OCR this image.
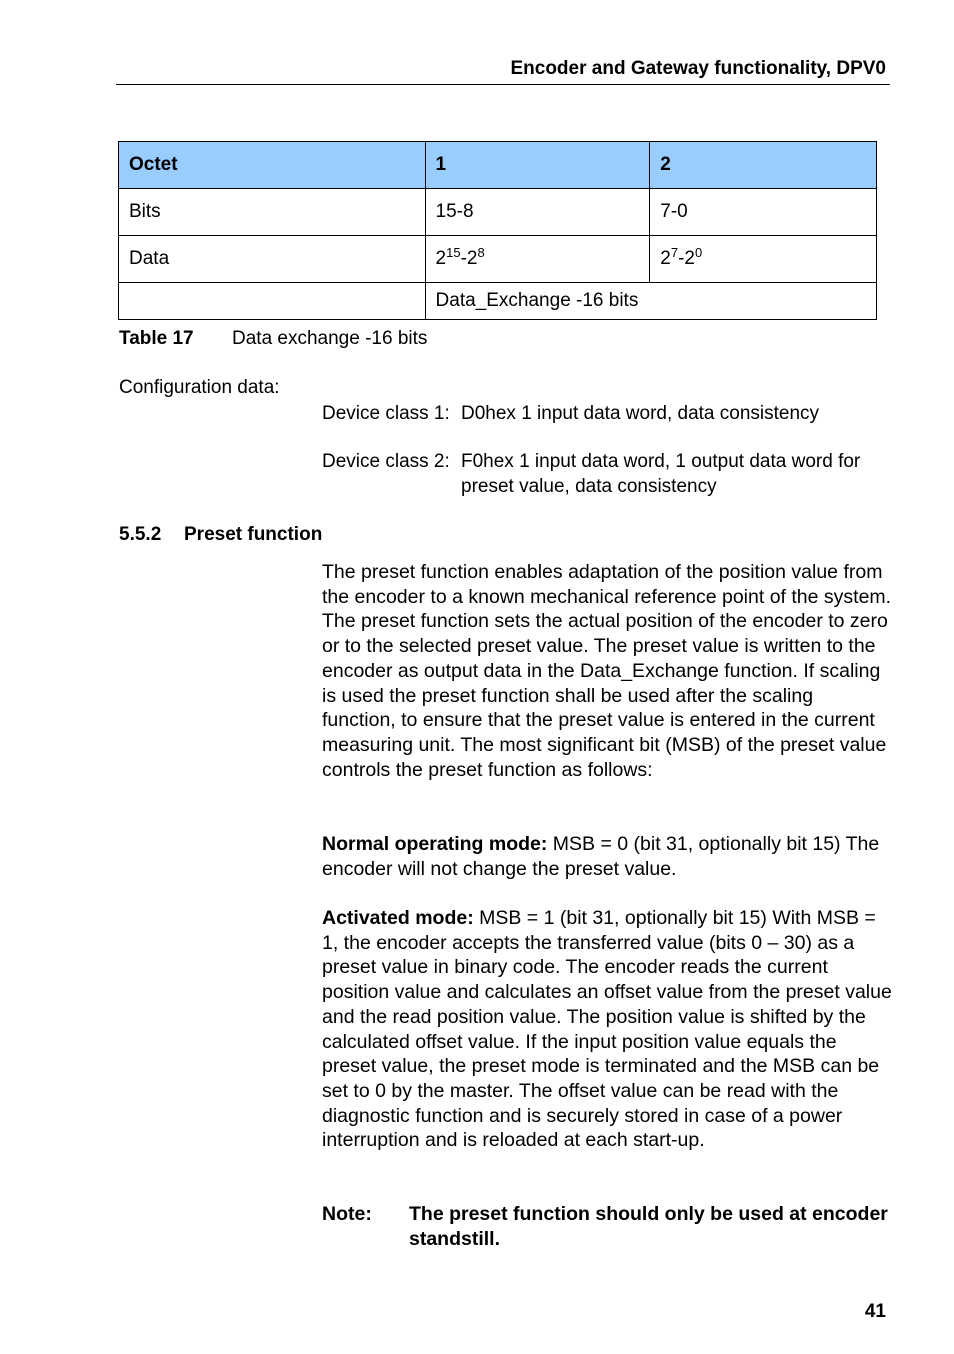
Encoder and Gateway functionality, DPV0
Octet	1	2
Bits	15-8	7-0
Data	$2^{15}-2^8$	$2^7-2^0$
	Data_Exchange -16 bits	
Table 17 Data exchange -16 bits
Configuration data:
Device class 1: D0hex 1 input data word, data consistency
Device class 2: F0hex 1 input data word, 1 output data word for preset value, data consistency
5.5.2 Preset function
The preset function enables adaptation of the position value from the encoder to a known mechanical reference point of the system. The preset function sets the actual position of the encoder to zero or to the selected preset value. The preset value is written to the encoder as output data in the Data_Exchange function. If scaling is used the preset function shall be used after the scaling function, to ensure that the preset value is entered in the current measuring unit. The most significant bit (MSB) of the preset value controls the preset function as follows:
Normal operating mode: MSB = 0 (bit 31, optionally bit 15) The encoder will not change the preset value.
Activated mode: MSB = 1 (bit 31, optionally bit 15) With MSB = 1, the encoder accepts the transferred value (bits 0 – 30) as a preset value in binary code. The encoder reads the current position value and calculates an offset value from the preset value and the read position value. The position value is shifted by the calculated offset value. If the input position value equals the preset value, the preset mode is terminated and the MSB can be set to 0 by the master. The offset value can be read with the diagnostic function and is securely stored in case of a power interruption and is reloaded at each start-up.
Note:	The preset function should only be used at encoder standstill.
41
